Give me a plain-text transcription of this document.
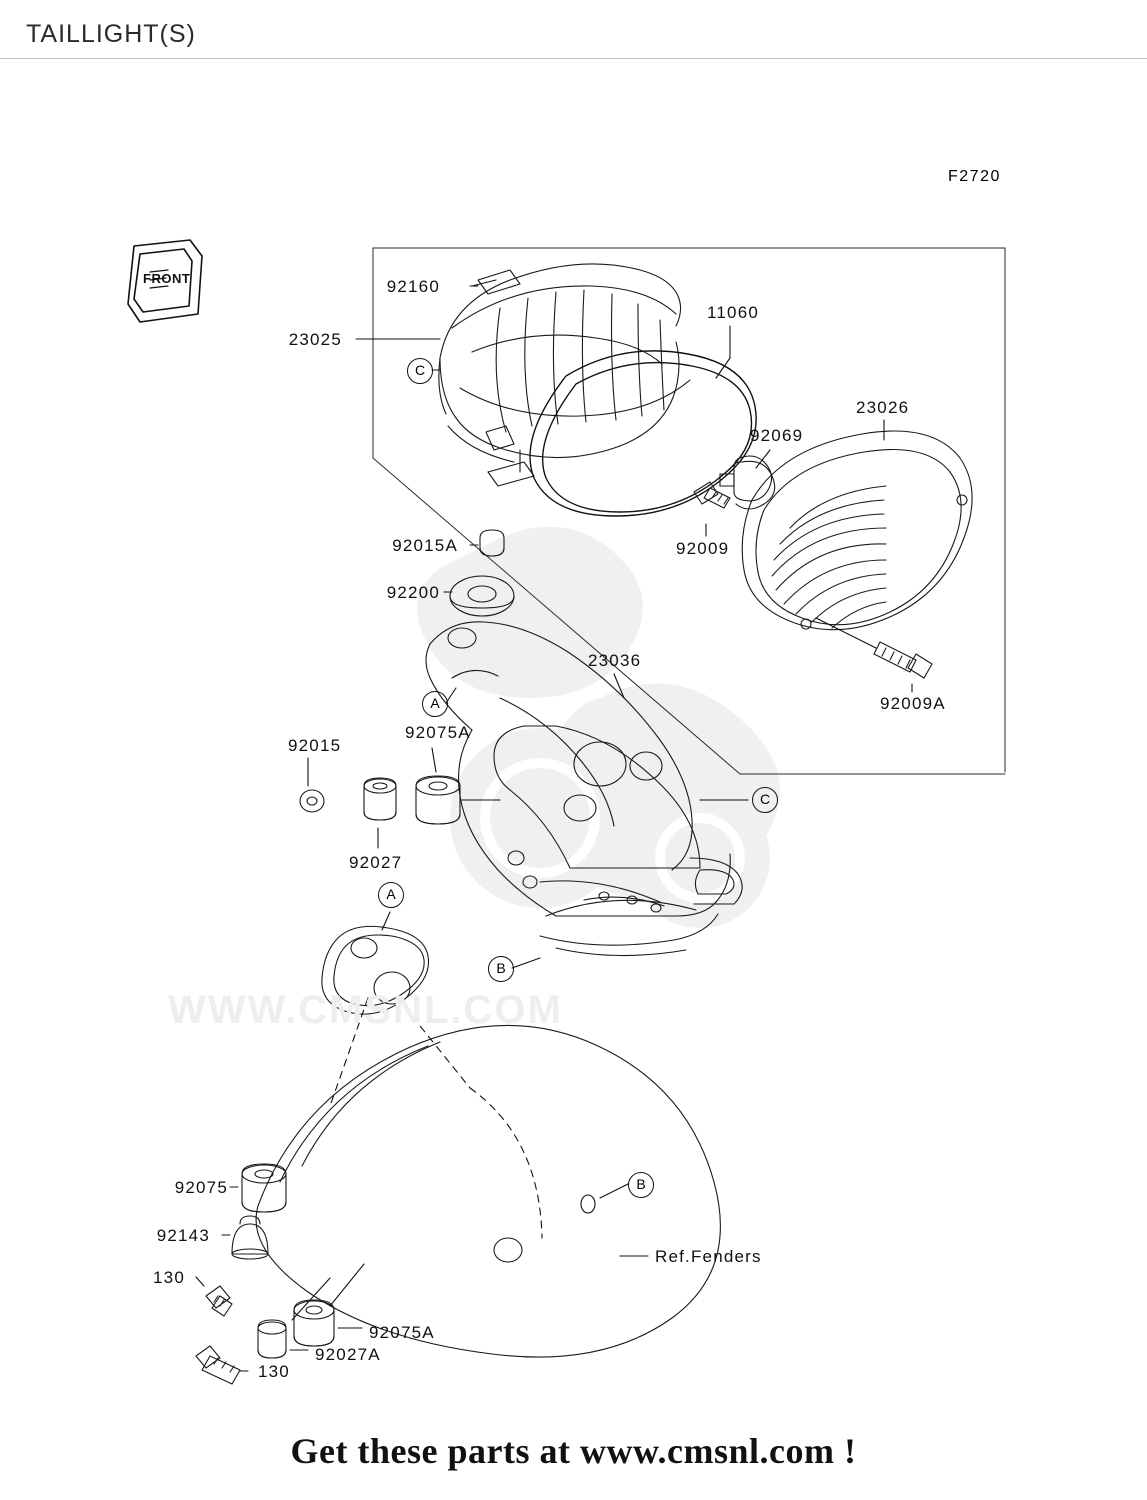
TAILLIGHT(S)
F2720
FRONT
WWW.CMSNL.COM
92160
23025
11060
23026
92069
92009
92015A
92200
23036
92009A
92015
92075A
92027
92075
92143
130
92075A
92027A
130
Ref.Fenders
C
A
C
A
B
B
Get these parts at www.cmsnl.com !
